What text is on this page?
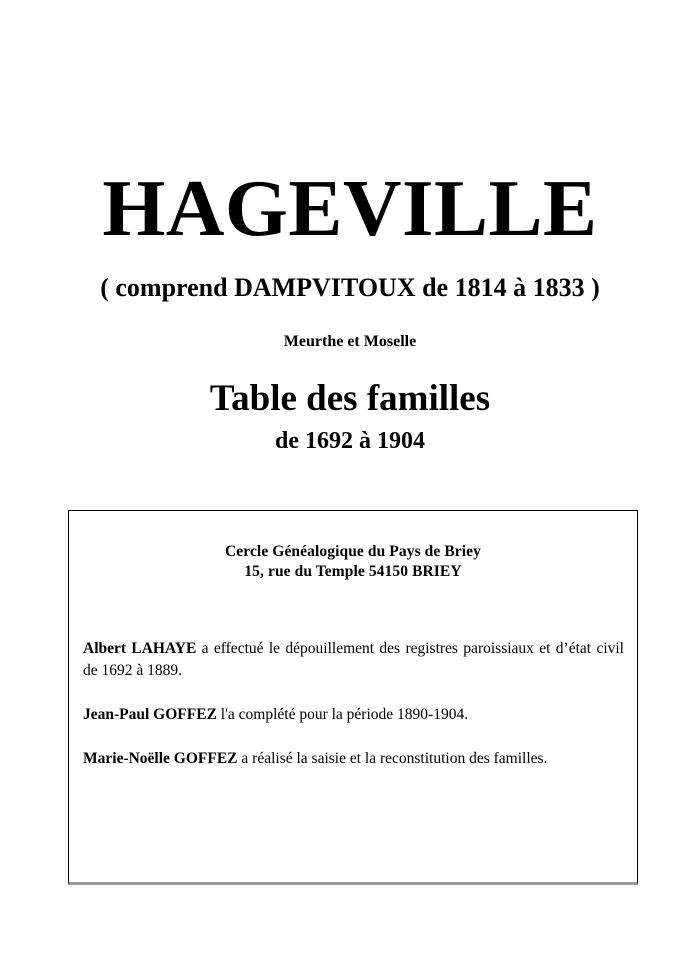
HAGEVILLE
( comprend DAMPVITOUX de 1814 à 1833 )
Meurthe et Moselle
Table des familles
de 1692 à 1904
Cercle Généalogique du Pays de Briey
15, rue du Temple 54150 BRIEY

Albert LAHAYE a effectué le dépouillement des registres paroissiaux et d’état civil de 1692 à 1889.

Jean-Paul GOFFEZ l'a complété pour la période 1890-1904.

Marie-Noëlle GOFFEZ a réalisé la saisie et la reconstitution des familles.
